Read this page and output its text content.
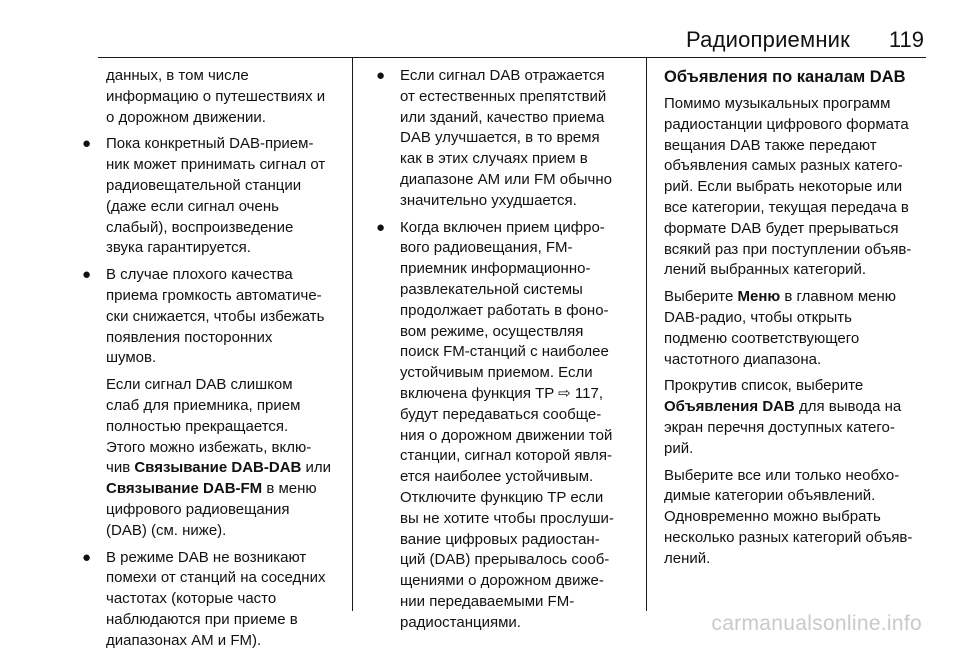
Радиоприемник 119
данных, в том числе
информацию о путешествиях и
о дорожном движении.
● Пока конкретный DAB-прием-
ник может принимать сигнал от
радиовещательной станции
(даже если сигнал очень
слабый), воспроизведение
звука гарантируется.
● В случае плохого качества
приема громкость автоматиче-
ски снижается, чтобы избежать
появления посторонних
шумов.
Если сигнал DAB слишком
слаб для приемника, прием
полностью прекращается.
Этого можно избежать, вклю-
чив Связывание DAB-DAB или
Связывание DAB-FM в меню
цифрового радиовещания
(DAB) (см. ниже).
● В режиме DAB не возникают
помехи от станций на соседних
частотах (которые часто
наблюдаются при приеме в
диапазонах AM и FM).
● Если сигнал DAB отражается
от естественных препятствий
или зданий, качество приема
DAB улучшается, в то время
как в этих случаях прием в
диапазоне AM или FM обычно
значительно ухудшается.
● Когда включен прием цифро-
вого радиовещания, FM-
приемник информационно-
развлекательной системы
продолжает работать в фоно-
вом режиме, осуществляя
поиск FM-станций с наиболее
устойчивым приемом. Если
включена функция TP ⇨ 117,
будут передаваться сообще-
ния о дорожном движении той
станции, сигнал которой явля-
ется наиболее устойчивым.
Отключите функцию TP если
вы не хотите чтобы прослуши-
вание цифровых радиостан-
ций (DAB) прерывалось сооб-
щениями о дорожном движе-
нии передаваемыми FM-
радиостанциями.
Объявления по каналам DAB

Помимо музыкальных программ
радиостанции цифрового формата
вещания DAB также передают
объявления самых разных катего-
рий. Если выбрать некоторые или
все категории, текущая передача в
формате DAB будет прерываться
всякий раз при поступлении объяв-
лений выбранных категорий.

Выберите Меню в главном меню
DAB-радио, чтобы открыть
подменю соответствующего
частотного диапазона.

Прокрутив список, выберите
Объявления DAB для вывода на
экран перечня доступных катего-
рий.

Выберите все или только необхо-
димые категории объявлений.
Одновременно можно выбрать
несколько разных категорий объяв-
лений.

carmanualsonline.info
